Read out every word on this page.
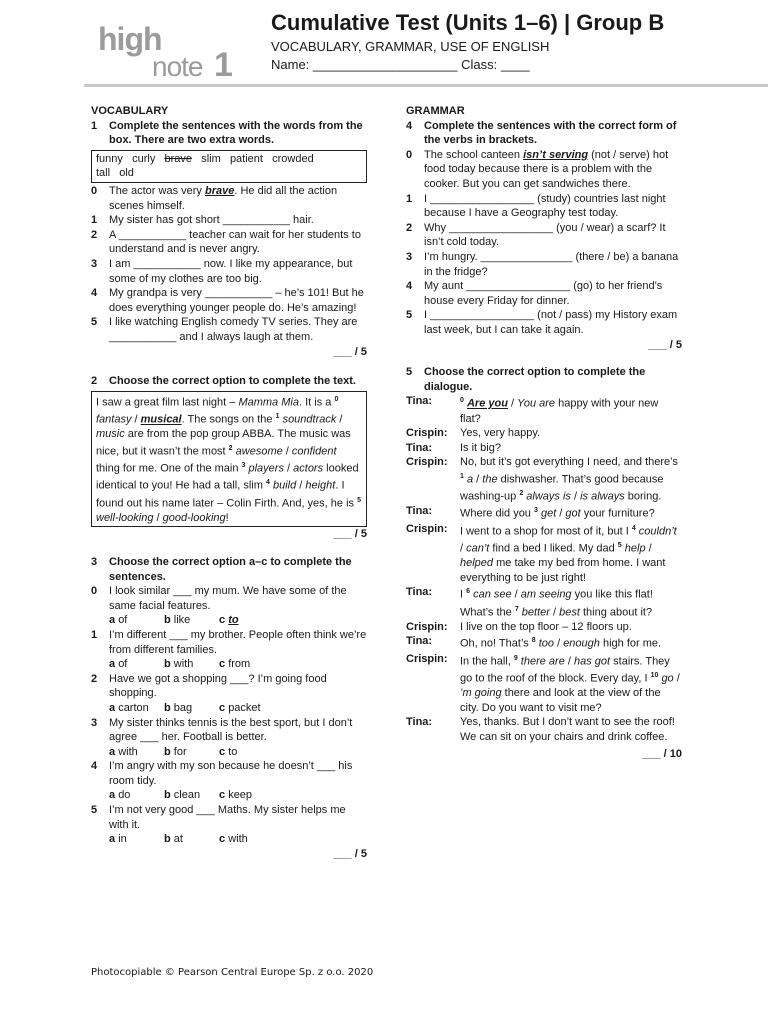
high
note 1
Cumulative Test (Units 1–6) | Group B
VOCABULARY, GRAMMAR, USE OF ENGLISH
Name: ____________________ Class: ____
VOCABULARY
1 Complete the sentences with the words from the box. There are two extra words.
funny curly brave slim patient crowded
tall old
0 The actor was very brave. He did all the action scenes himself.
1 My sister has got short ___________ hair.
2 A ___________ teacher can wait for her students to understand and is never angry.
3 I am ___________ now. I like my appearance, but some of my clothes are too big.
4 My grandpa is very ___________ – he’s 101! But he does everything younger people do. He’s amazing!
5 I like watching English comedy TV series. They are ___________ and I always laugh at them.
___ / 5
2 Choose the correct option to complete the text.
I saw a great film last night – Mamma Mia. It is a $^0$ fantasy / musical. The songs on the $^1$ soundtrack / music are from the pop group ABBA. The music was nice, but it wasn’t the most $^2$ awesome / confident thing for me. One of the main $^3$ players / actors looked identical to you! He had a tall, slim $^4$ build / height. I found out his name later – Colin Firth. And, yes, he is $^5$ well-looking / good-looking!
___ / 5
3 Choose the correct option a–c to complete the sentences.
0 I look similar ___ my mum. We have some of the same facial features.
a of	b like	c to
1 I’m different ___ my brother. People often think we’re from different families.
a of	b with c from
2 Have we got a shopping ___? I’m going food shopping.
a carton b bag c packet
3 My sister thinks tennis is the best sport, but I don’t agree ___ her. Football is better.
a with b for	c to
4 I’m angry with my son because he doesn’t ___ his room tidy.
a do	b clean c keep
5 I’m not very good ___ Maths. My sister helps me with it.
a in	b at	c with
___ / 5
GRAMMAR
4 Complete the sentences with the correct form of the verbs in brackets.
0 The school canteen isn’t serving (not / serve) hot food today because there is a problem with the cooker. But you can get sandwiches there.
1 I _________________ (study) countries last night because I have a Geography test today.
2 Why _________________ (you / wear) a scarf? It isn’t cold today.
3 I’m hungry. _______________ (there / be) a banana in the fridge?
4 My aunt _________________ (go) to her friend’s house every Friday for dinner.
5 I _________________ (not / pass) my History exam last week, but I can take it again.
___ / 5
5 Choose the correct option to complete the dialogue.
Tina:	$^0$ Are you / You are happy with your new flat?
Crispin:	Yes, very happy.
Tina:	Is it big?
Crispin:	No, but it’s got everything I need, and there’s $^1$ a / the dishwasher. That’s good because washing-up $^2$ always is / is always boring.
Tina:	Where did you $^3$ get / got your furniture?
Crispin:	I went to a shop for most of it, but I $^4$ couldn’t / can’t find a bed I liked. My dad $^5$ help / helped me take my bed from home. I want everything to be just right!
Tina:	I $^6$ can see / am seeing you like this flat! What’s the $^7$ better / best thing about it?
Crispin:	I live on the top floor – 12 floors up.
Tina:	Oh, no! That’s $^8$ too / enough high for me.
Crispin:	In the hall, $^9$ there are / has got stairs. They go to the roof of the block. Every day, I $^{10}$ go / ’m going there and look at the view of the city. Do you want to visit me?
Tina:	Yes, thanks. But I don’t want to see the roof! We can sit on your chairs and drink coffee.
___ / 10
Photocopiable © Pearson Central Europe Sp. z o.o. 2020
